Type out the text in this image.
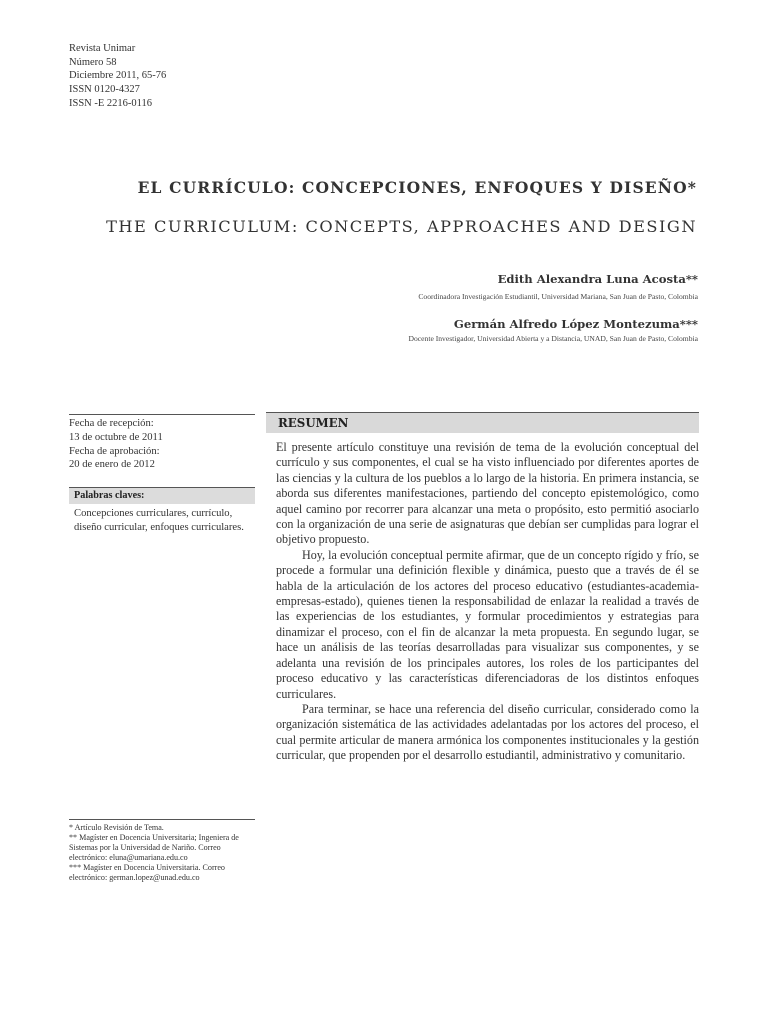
Revista Unimar
Número 58
Diciembre 2011, 65-76
ISSN 0120-4327
ISSN -E 2216-0116
EL CURRÍCULO: CONCEPCIONES, ENFOQUES Y DISEÑO*
THE CURRICULUM: CONCEPTS, APPROACHES AND DESIGN
Edith Alexandra Luna Acosta**
Coordinadora Investigación Estudiantil, Universidad Mariana, San Juan de Pasto, Colombia
Germán Alfredo López Montezuma***
Docente Investigador, Universidad Abierta y a Distancia, UNAD, San Juan de Pasto, Colombia
Fecha de recepción:
13 de octubre de 2011
Fecha de aprobación:
20 de enero de 2012
Palabras claves:
Concepciones curriculares, currículo, diseño curricular, enfoques curriculares.
RESUMEN

El presente artículo constituye una revisión de tema de la evolución conceptual del currículo y sus componentes, el cual se ha visto influenciado por diferentes aportes de las ciencias y la cultura de los pueblos a lo largo de la historia. En primera instancia, se aborda sus diferentes manifestaciones, partiendo del concepto epistemológico, como aquel camino por recorrer para alcanzar una meta o propósito, esto permitió asociarlo con la organización de una serie de asignaturas que debían ser cumplidas para lograr el objetivo propuesto.

Hoy, la evolución conceptual permite afirmar, que de un concepto rígido y frío, se procede a formular una definición flexible y dinámica, puesto que a través de él se habla de la articulación de los actores del proceso educativo (estudiantes-academia-empresas-estado), quienes tienen la responsabilidad de enlazar la realidad a través de las experiencias de los estudiantes, y formular procedimientos y estrategias para dinamizar el proceso, con el fin de alcanzar la meta propuesta. En segundo lugar, se hace un análisis de las teorías desarrolladas para visualizar sus componentes, y se adelanta una revisión de los principales autores, los roles de los participantes del proceso educativo y las características diferenciadoras de los distintos enfoques curriculares.

Para terminar, se hace una referencia del diseño curricular, considerado como la organización sistemática de las actividades adelantadas por los actores del proceso, el cual permite articular de manera armónica los componentes institucionales y la gestión curricular, que propenden por el desarrollo estudiantil, administrativo y comunitario.

* Artículo Revisión de Tema.
** Magíster en Docencia Universitaria; Ingeniera de Sistemas por la Universidad de Nariño. Correo electrónico: eluna@umariana.edu.co
*** Magíster en Docencia Universitaria. Correo electrónico: german.lopez@unad.edu.co
